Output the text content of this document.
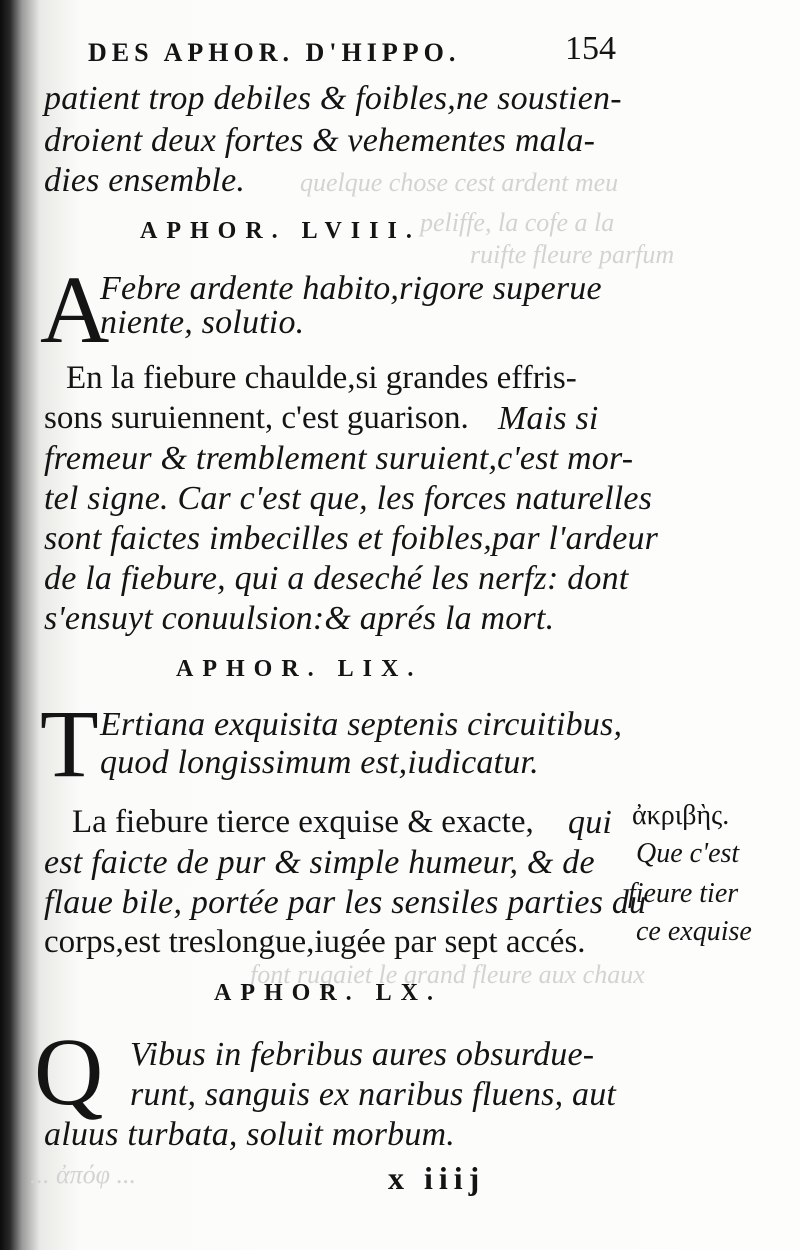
quelque chose cest ardent meu
peliffe, la cofe a la
ruifte fleure parfum
font rugaiet le grand fleure aux chaux
... ἀπόφ ...
DES APHOR. D'HIPPO.	154
patient trop debiles & foibles,ne soustien-
droient deux fortes & vehementes mala-
dies ensemble.
APHOR. LVIII.
A
Febre ardente habito,rigore superue
niente, solutio.
En la fiebure chaulde,si grandes effris-
sons suruiennent, c'est guarison. Mais si
fremeur & tremblement suruient,c'est mor-
tel signe. Car c'est que, les forces naturelles
sont faictes imbecilles et foibles,par l'ardeur
de la fiebure, qui a deseché les nerfz: dont
s'ensuyt conuulsion:& aprés la mort.
APHOR. LIX.
T Ertiana exquisita septenis circuitibus,
quod longissimum est,iudicatur.
La fiebure tierce exquise & exacte, qui
est faicte de pur & simple humeur, & de
flaue bile, portée par les sensiles parties du
corps,est treslongue,iugée par sept accés.
ἀκριβὴς.
Que c'est
fieure tier
ce exquise
APHOR. LX.
Q Vibus in febribus aures obsurdue-
runt, sanguis ex naribus fluens, aut
aluus turbata, soluit morbum.
x iiij
